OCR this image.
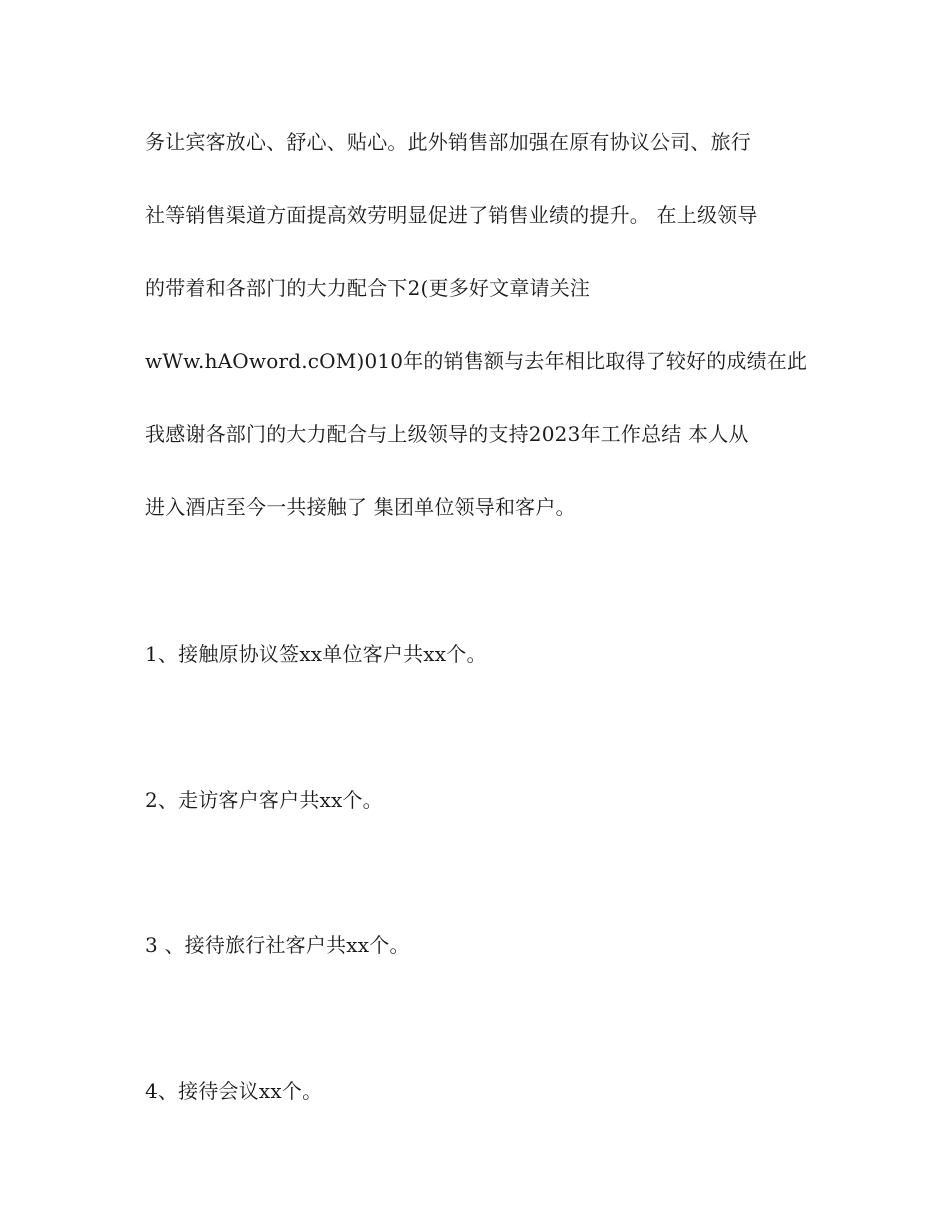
务让宾客放心、舒心、贴心。此外销售部加强在原有协议公司、旅行
社等销售渠道方面提高效劳明显促进了销售业绩的提升。 在上级领导
的带着和各部门的大力配合下2(更多好文章请关注
wWw.hAOword.cOM)010年的销售额与去年相比取得了较好的成绩在此
我感谢各部门的大力配合与上级领导的支持2023年工作总结 本人从
进入酒店至今一共接触了 集团单位领导和客户。
1、接触原协议签xx单位客户共xx个。
2、走访客户客户共xx个。
3 、接待旅行社客户共xx个。
4、接待会议xx个。
